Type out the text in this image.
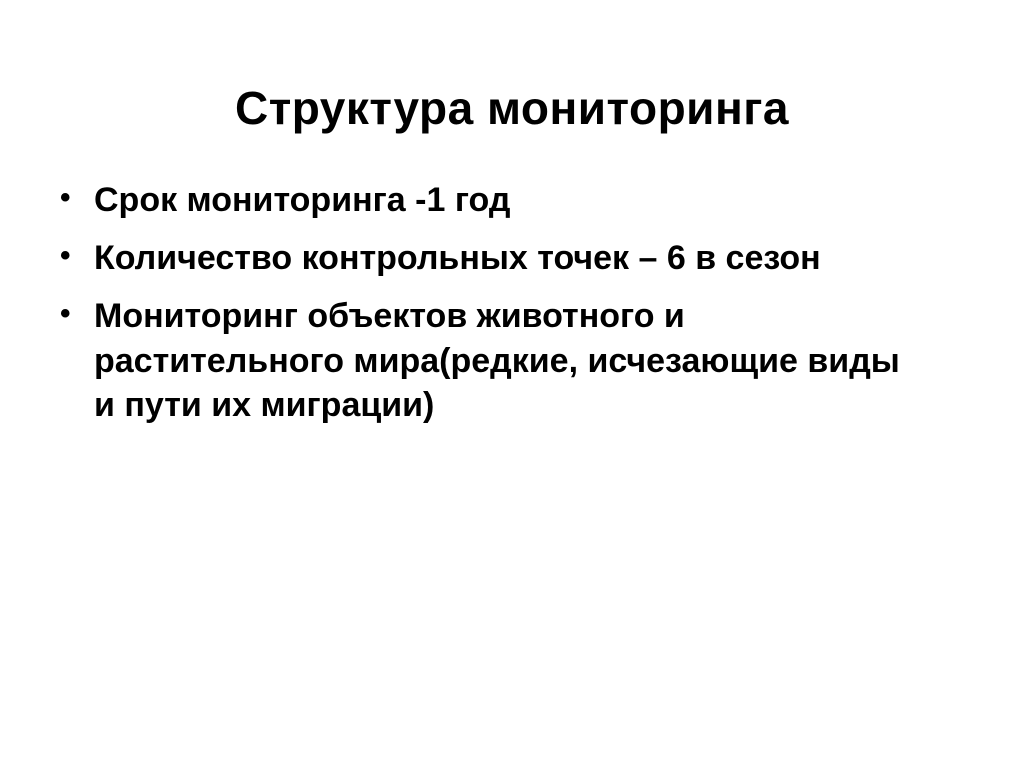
Структура мониторинга
• Срок мониторинга -1 год
• Количество контрольных точек – 6 в сезон
• Мониторинг объектов животного и растительного мира(редкие, исчезающие виды и пути их миграции)
